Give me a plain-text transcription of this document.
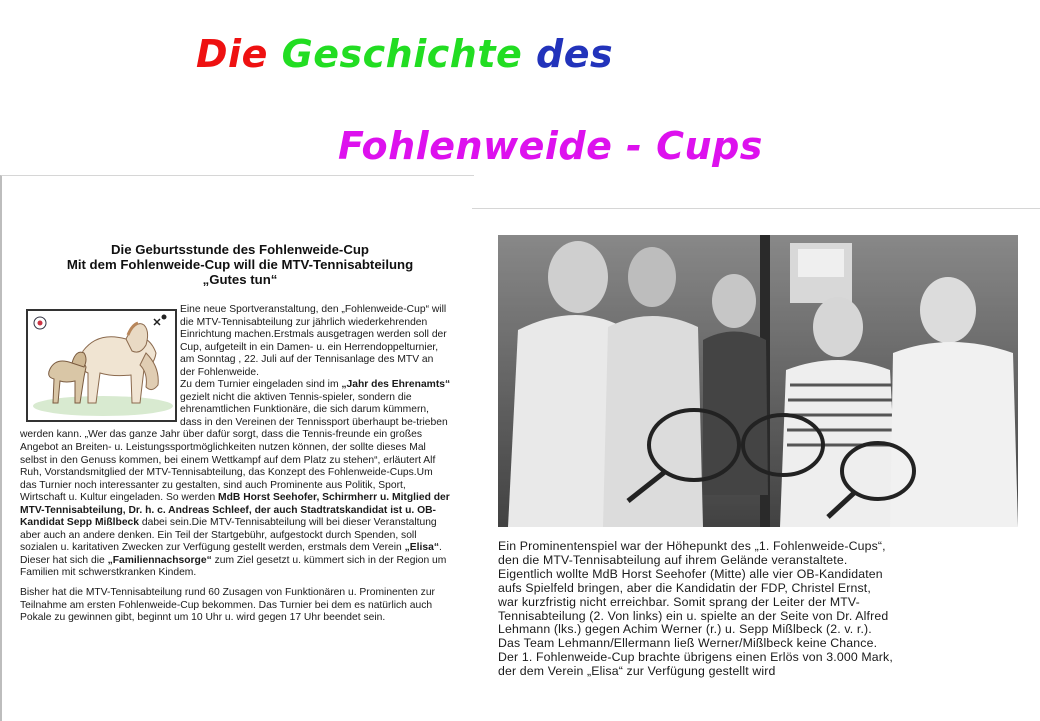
Die Geschichte des
Fohlenweide - Cups
Die Geburtsstunde des Fohlenweide-Cup
Mit dem Fohlenweide-Cup will die MTV-Tennisabteilung
„Gutes tun“

Eine neue Sportveranstaltung, den „Fohlenweide-Cup“ will die MTV-Tennisabteilung zur jährlich wiederkehrenden Einrichtung machen.Erstmals ausgetragen werden soll der Cup, aufgeteilt in ein Damen- u. ein Herrendoppelturnier, am Sonntag , 22. Juli auf der Tennisanlage des MTV an der Fohlenweide.
Zu dem Turnier eingeladen sind im „Jahr des Ehrenamts“ gezielt nicht die aktiven Tennis-spieler, sondern die ehrenamtlichen Funktionäre, die sich darum kümmern, dass in den Vereinen der Tennissport überhaupt be-trieben werden kann. „Wer das ganze Jahr über dafür sorgt, dass die Tennis-freunde ein großes Angebot an Breiten- u. Leistungssportmöglichkeiten nutzen können, der sollte dieses Mal selbst in den Genuss kommen, bei einem Wettkampf auf dem Platz zu stehen“, erläutert Alf Ruh, Vorstandsmitglied der MTV-Tennisabteilung, das Konzept des Fohlenweide-Cups.Um das Turnier noch interessanter zu gestalten, sind auch Prominente aus Politik, Sport, Wirtschaft u. Kultur eingeladen. So werden MdB Horst Seehofer, Schirmherr u. Mitglied der MTV-Tennisabteilung, Dr. h. c. Andreas Schleef, der auch Stadtratskandidat ist u. OB-Kandidat Sepp Mißlbeck dabei sein.Die MTV-Tennisabteilung will bei dieser Veranstaltung aber auch an andere denken. Ein Teil der Startgebühr, aufgestockt durch Spenden, soll sozialen u. karitativen Zwecken zur Verfügung gestellt werden, erstmals dem Verein „Elisa“. Dieser hat sich die „Familiennachsorge“ zum Ziel gesetzt u. kümmert sich in der Region um Familien mit schwerstkranken Kindem.

Bisher hat die MTV-Tennisabteilung rund 60 Zusagen von Funktionären u. Prominenten zur Teilnahme am ersten Fohlenweide-Cup bekommen. Das Turnier bei dem es natürlich auch Pokale zu gewinnen gibt, beginnt um 10 Uhr u. wird gegen 17 Uhr beendet sein.

Ein Prominentenspiel war der Höhepunkt des „1. Fohlenweide-Cups“,
den die MTV-Tennisabteilung auf ihrem Gelände veranstaltete.
Eigentlich wollte MdB Horst Seehofer (Mitte) alle vier OB-Kandidaten
aufs Spielfeld bringen, aber die Kandidatin der FDP, Christel Ernst,
war kurzfristig nicht erreichbar. Somit sprang der Leiter der MTV-
Tennisabteilung (2. Von links) ein u. spielte an der Seite von Dr. Alfred
Lehmann (lks.) gegen Achim Werner (r.) u. Sepp Mißlbeck (2. v. r.).
Das Team Lehmann/Ellermann ließ Werner/Mißlbeck keine Chance.
Der 1. Fohlenweide-Cup brachte übrigens einen Erlös von 3.000 Mark,
der dem Verein „Elisa“ zur Verfügung gestellt wird
